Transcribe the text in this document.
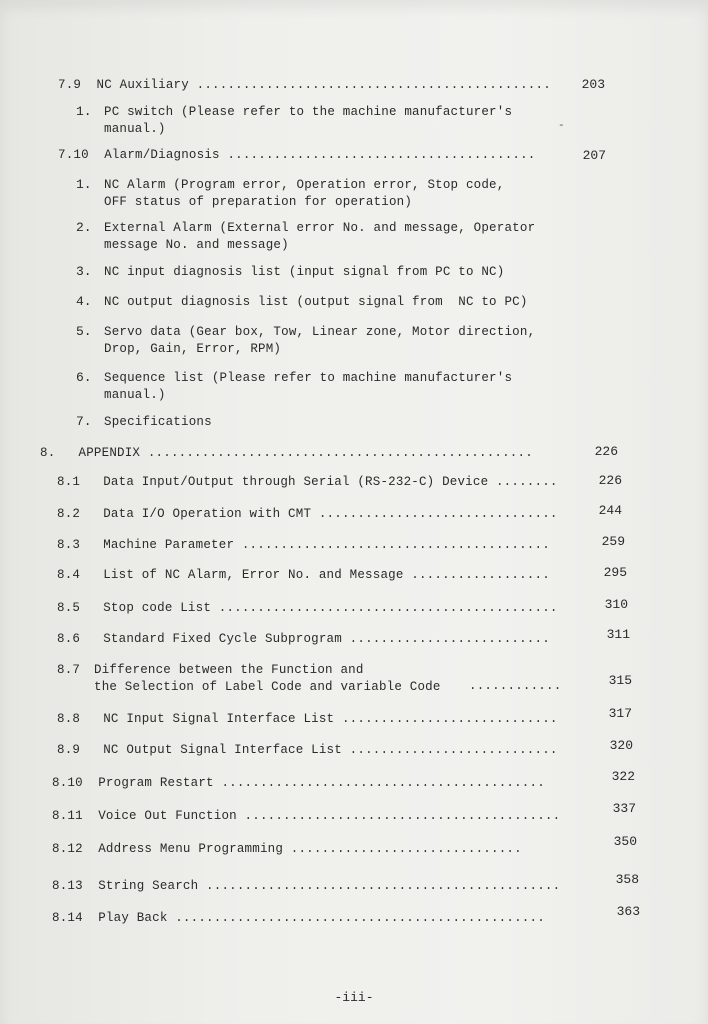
7.9 NC Auxiliary ..............................................	203
1. PC switch (Please refer to the machine manufacturer's
manual.)	-
7.10 Alarm/Diagnosis ........................................	207
1. NC Alarm (Program error, Operation error, Stop code,
OFF status of preparation for operation)
2. External Alarm (External error No. and message, Operator
message No. and message)
3. NC input diagnosis list (input signal from PC to NC)
4. NC output diagnosis list (output signal from  NC to PC)
5. Servo data (Gear box, Tow, Linear zone, Motor direction,
Drop, Gain, Error, RPM)
6. Sequence list (Please refer to machine manufacturer's
manual.)
7. Specifications
8. APPENDIX ..................................................	226
8.1 Data Input/Output through Serial (RS-232-C) Device ........	226
8.2 Data I/O Operation with CMT ...............................	244
8.3 Machine Parameter ........................................	259
8.4 List of NC Alarm, Error No. and Message ..................	295
8.5 Stop code List ............................................	310
8.6 Standard Fixed Cycle Subprogram ..........................	311
8.7 Difference between the Function and
the Selection of Label Code and variable Code ............	315
8.8 NC Input Signal Interface List ............................	317
8.9 NC Output Signal Interface List ...........................	320
8.10 Program Restart ..........................................	322
8.11 Voice Out Function .........................................	337
8.12 Address Menu Programming ..............................	350
8.13 String Search ..............................................	358
8.14 Play Back ................................................	363
-iii-
